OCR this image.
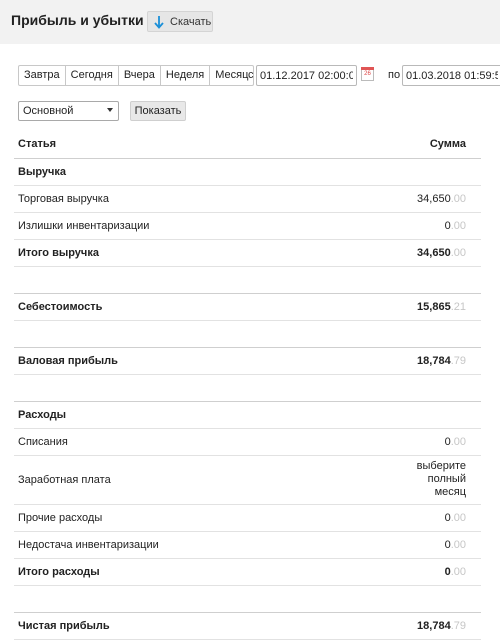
Прибыль и убытки Скачать
Завтра	Сегодня	Вчера	Неделя	Месяц с
01.12.2017 02:00:00	26 по
01.03.2018 01:59:59
Основной	Показать
Статья	Сумма
Выручка	
Торговая выручка	34,650.00
Излишки инвентаризации	0.00
Итого выручка	34,650.00

Себестоимость	15,865.21

Валовая прибыль	18,784.79

Расходы	
Списания	0.00
Заработная плата	выберите
полный
месяц
Прочие расходы	0.00
Недостача инвентаризации	0.00
Итого расходы	0.00

Чистая прибыль	18,784.79
